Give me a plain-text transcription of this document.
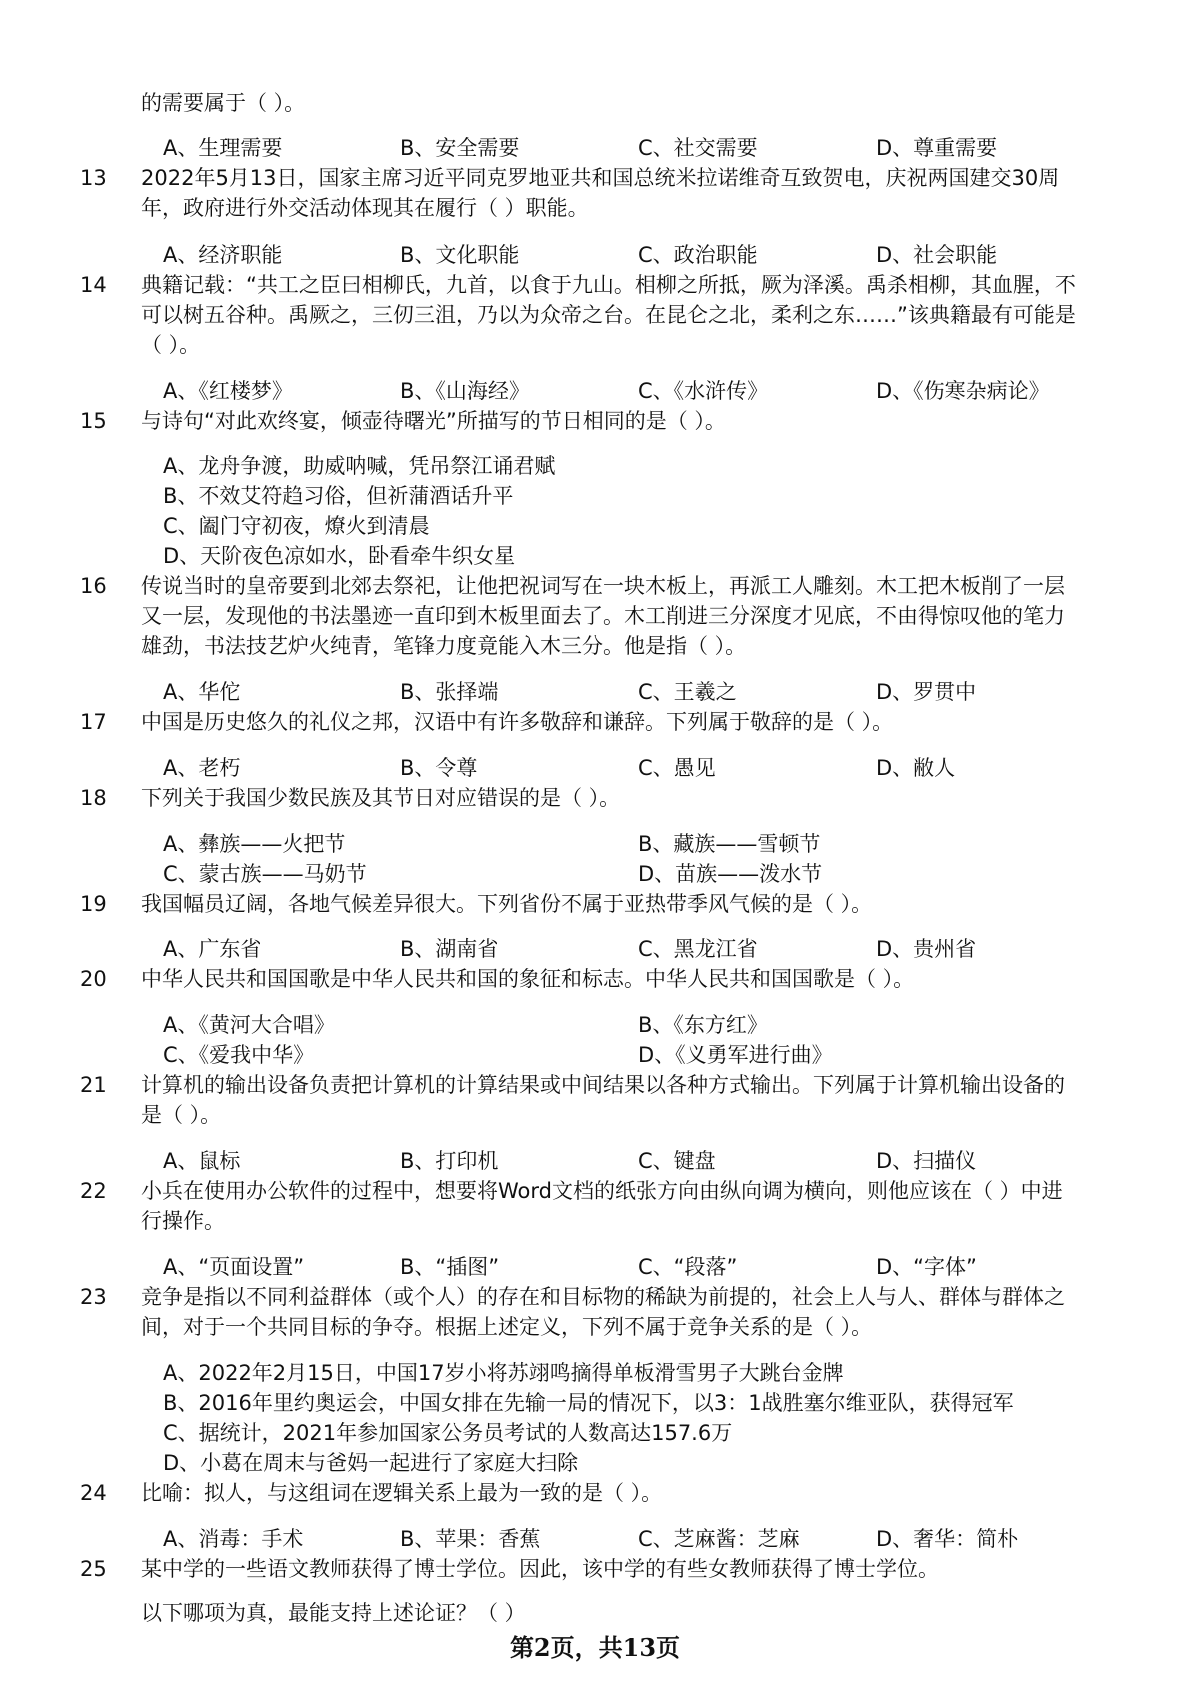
的需要属于（ ）。
A、生理需要	B、安全需要	C、社交需要	D、尊重需要
13	2022年5月13日，国家主席习近平同克罗地亚共和国总统米拉诺维奇互致贺电，庆祝两国建交30周
年，政府进行外交活动体现其在履行（ ）职能。
A、经济职能	B、文化职能	C、政治职能	D、社会职能
14	典籍记载：“共工之臣曰相柳氏，九首，以食于九山。相柳之所抵，厥为泽溪。禹杀相柳，其血腥，不
可以树五谷种。禹厥之，三仞三沮，乃以为众帝之台。在昆仑之北，柔利之东……”该典籍最有可能是
（ ）。
A、《红楼梦》	B、《山海经》	C、《水浒传》	D、《伤寒杂病论》
15	与诗句“对此欢终宴，倾壶待曙光”所描写的节日相同的是（ ）。
A、龙舟争渡，助威呐喊，凭吊祭江诵君赋
B、不效艾符趋习俗，但祈蒲酒话升平
C、阖门守初夜，燎火到清晨
D、天阶夜色凉如水，卧看牵牛织女星
16	传说当时的皇帝要到北郊去祭祀，让他把祝词写在一块木板上，再派工人雕刻。木工把木板削了一层
又一层，发现他的书法墨迹一直印到木板里面去了。木工削进三分深度才见底，不由得惊叹他的笔力
雄劲，书法技艺炉火纯青，笔锋力度竟能入木三分。他是指（ ）。
A、华佗	B、张择端	C、王羲之	D、罗贯中
17	中国是历史悠久的礼仪之邦，汉语中有许多敬辞和谦辞。下列属于敬辞的是（ ）。
A、老朽	B、令尊	C、愚见	D、敝人
18	下列关于我国少数民族及其节日对应错误的是（ ）。
A、彝族——火把节	B、藏族——雪顿节
C、蒙古族——马奶节	D、苗族——泼水节
19	我国幅员辽阔，各地气候差异很大。下列省份不属于亚热带季风气候的是（ ）。
A、广东省	B、湖南省	C、黑龙江省	D、贵州省
20	中华人民共和国国歌是中华人民共和国的象征和标志。中华人民共和国国歌是（ ）。
A、《黄河大合唱》	B、《东方红》
C、《爱我中华》	D、《义勇军进行曲》
21	计算机的输出设备负责把计算机的计算结果或中间结果以各种方式输出。下列属于计算机输出设备的
是（ ）。
A、鼠标	B、打印机	C、键盘	D、扫描仪
22	小兵在使用办公软件的过程中，想要将Word文档的纸张方向由纵向调为横向，则他应该在（ ）中进
行操作。
A、“页面设置”	B、“插图”	C、“段落”	D、“字体”
23	竞争是指以不同利益群体（或个人）的存在和目标物的稀缺为前提的，社会上人与人、群体与群体之
间，对于一个共同目标的争夺。根据上述定义，下列不属于竞争关系的是（ ）。
A、2022年2月15日，中国17岁小将苏翊鸣摘得单板滑雪男子大跳台金牌
B、2016年里约奥运会，中国女排在先输一局的情况下，以3：1战胜塞尔维亚队，获得冠军
C、据统计，2021年参加国家公务员考试的人数高达157.6万
D、小葛在周末与爸妈一起进行了家庭大扫除
24	比喻：拟人，与这组词在逻辑关系上最为一致的是（ ）。
A、消毒：手术	B、苹果：香蕉	C、芝麻酱：芝麻	D、奢华：简朴
25	某中学的一些语文教师获得了博士学位。因此，该中学的有些女教师获得了博士学位。
以下哪项为真，最能支持上述论证？（ ）
第2页，共13页
